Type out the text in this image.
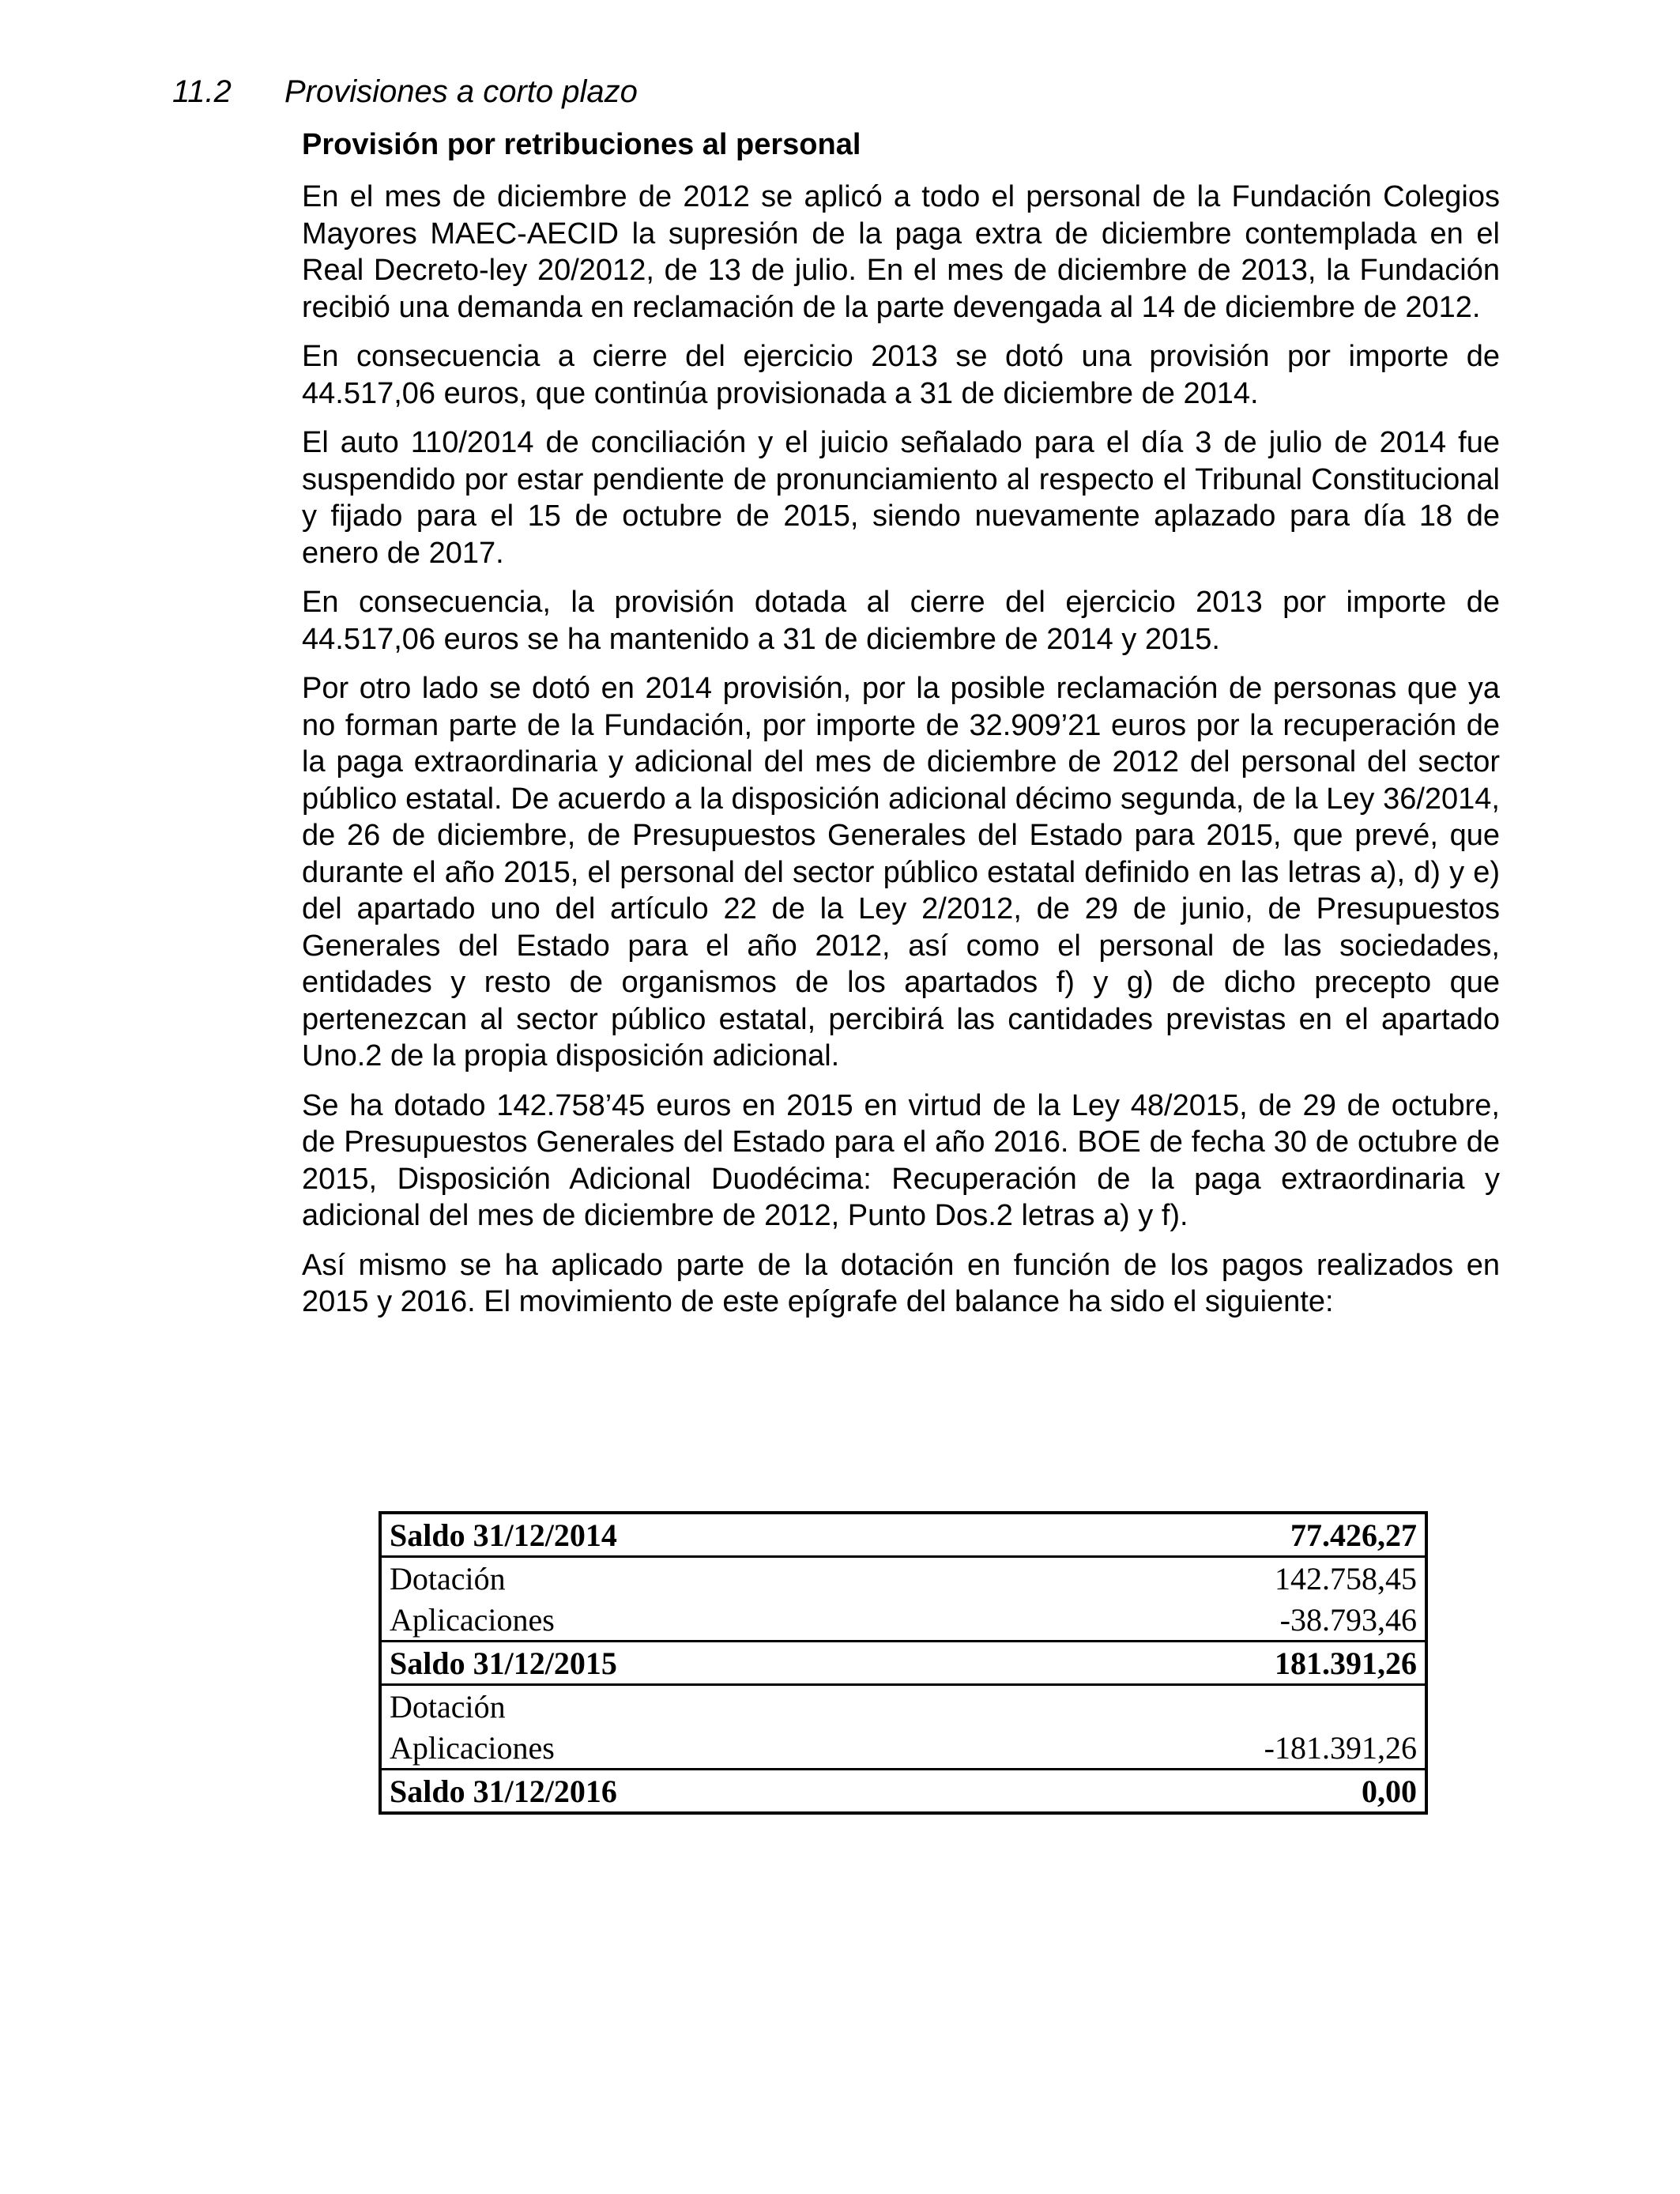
11.2 Provisiones a corto plazo
Provisión por retribuciones al personal

En el mes de diciembre de 2012 se aplicó a todo el personal de la Fundación Colegios Mayores MAEC-AECID la supresión de la paga extra de diciembre contemplada en el Real Decreto-ley 20/2012, de 13 de julio. En el mes de diciembre de 2013, la Fundación recibió una demanda en reclamación de la parte devengada al 14 de diciembre de 2012.

En consecuencia a cierre del ejercicio 2013 se dotó una provisión por importe de 44.517,06 euros, que continúa provisionada a 31 de diciembre de 2014.

El auto 110/2014 de conciliación y el juicio señalado para el día 3 de julio de 2014 fue suspendido por estar pendiente de pronunciamiento al respecto el Tribunal Constitucional y fijado para el 15 de octubre de 2015, siendo nuevamente aplazado para día 18 de enero de 2017.

En consecuencia, la provisión dotada al cierre del ejercicio 2013 por importe de 44.517,06 euros se ha mantenido a 31 de diciembre de 2014 y 2015.

Por otro lado se dotó en 2014 provisión, por la posible reclamación de personas que ya no forman parte de la Fundación, por importe de 32.909’21 euros por la recuperación de la paga extraordinaria y adicional del mes de diciembre de 2012 del personal del sector público estatal. De acuerdo a la disposición adicional décimo segunda, de la Ley 36/2014, de 26 de diciembre, de Presupuestos Generales del Estado para 2015, que prevé, que durante el año 2015, el personal del sector público estatal definido en las letras a), d) y e) del apartado uno del artículo 22 de la Ley 2/2012, de 29 de junio, de Presupuestos Generales del Estado para el año 2012, así como el personal de las sociedades, entidades y resto de organismos de los apartados f) y g) de dicho precepto que pertenezcan al sector público estatal, percibirá las cantidades previstas en el apartado Uno.2 de la propia disposición adicional.

Se ha dotado 142.758’45 euros en 2015 en virtud de la Ley 48/2015, de 29 de octubre, de Presupuestos Generales del Estado para el año 2016. BOE de fecha 30 de octubre de 2015, Disposición Adicional Duodécima: Recuperación de la paga extraordinaria y adicional del mes de diciembre de 2012, Punto Dos.2 letras a) y f).

Así mismo se ha aplicado parte de la dotación en función de los pagos realizados en 2015 y 2016. El movimiento de este epígrafe del balance ha sido el siguiente:

Saldo 31/12/2014	77.426,27
Dotación	142.758,45
Aplicaciones	-38.793,46
Saldo 31/12/2015	181.391,26
Dotación
Aplicaciones	-181.391,26
Saldo 31/12/2016	0,00
